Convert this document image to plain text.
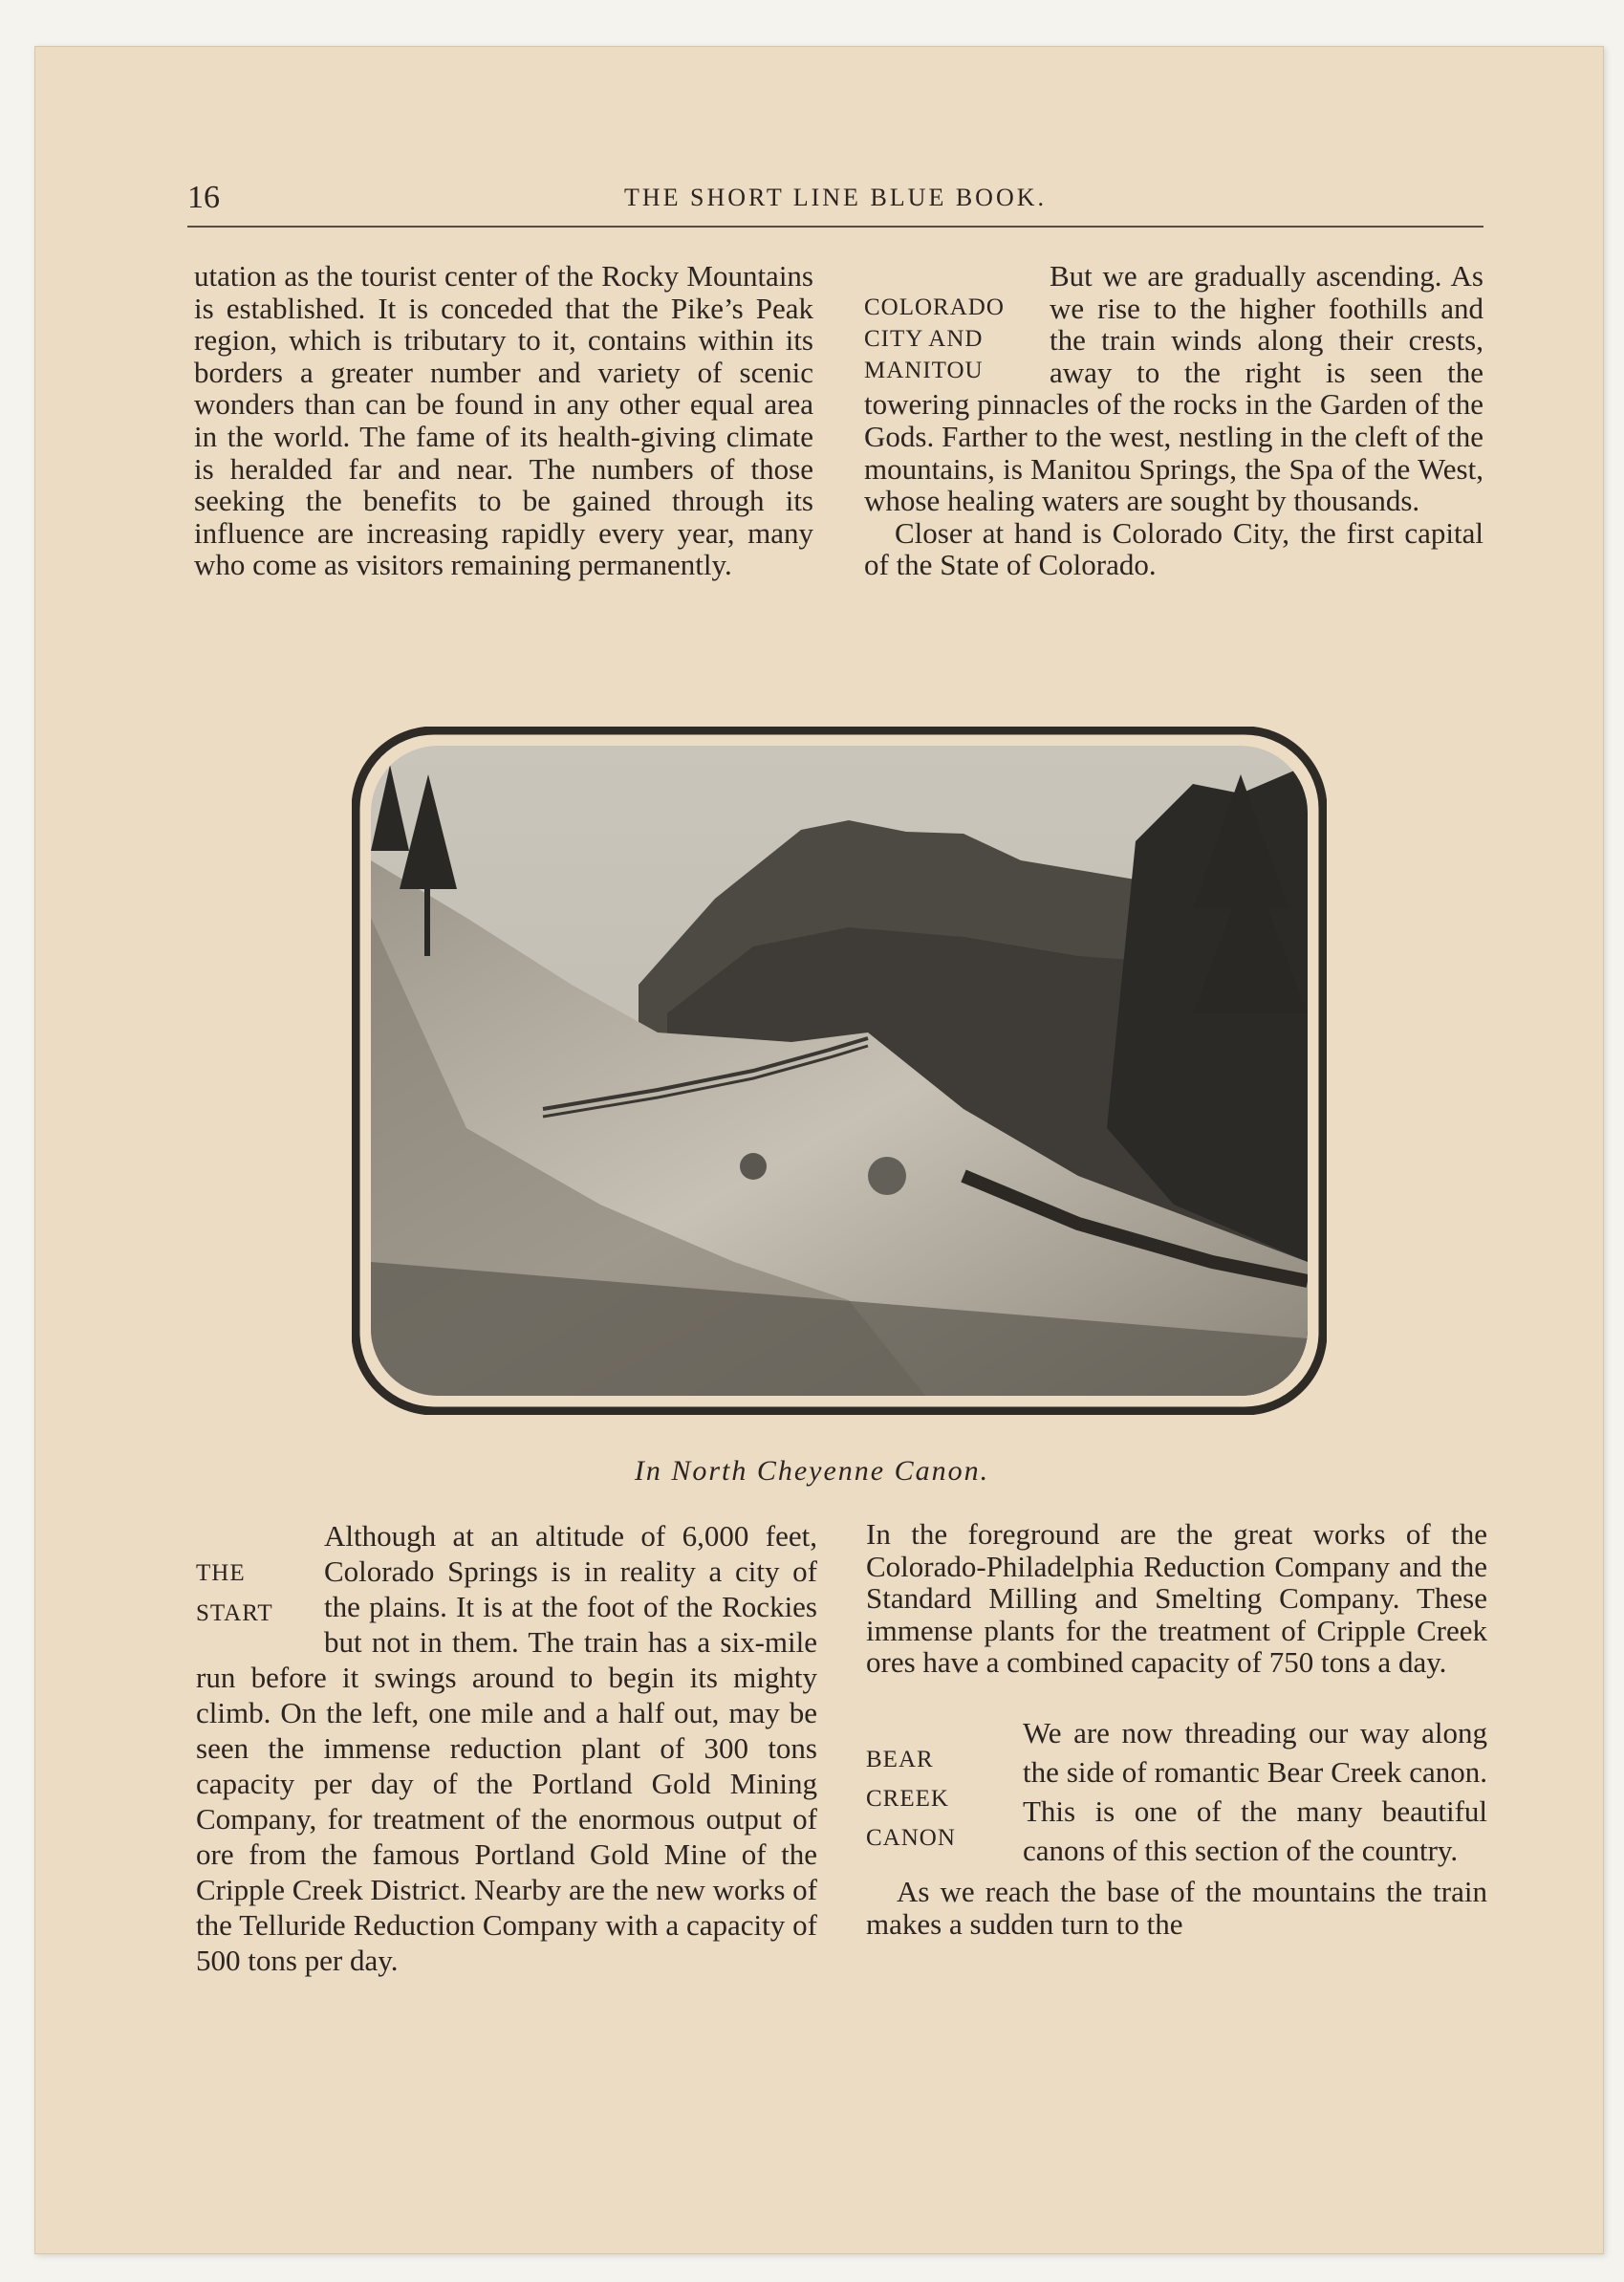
16	THE SHORT LINE BLUE BOOK.

utation as the tourist center of the Rocky Mountains is established. It is conceded that the Pike’s Peak region, which is tributary to it, contains within its borders a greater number and variety of scenic wonders than can be found in any other equal area in the world. The fame of its health-giving climate is heralded far and near. The numbers of those seeking the benefits to be gained through its influence are increasing rapidly every year, many who come as visitors remaining permanently.

COLORADO
CITY AND
MANITOU

But we are gradually ascending. As we rise to the higher foothills and the train winds along their crests, away to the right is seen the towering pinnacles of the rocks in the Garden of the Gods. Farther to the west, nestling in the cleft of the mountains, is Manitou Springs, the Spa of the West, whose healing waters are sought by thousands.

Closer at hand is Colorado City, the first capital of the State of Colorado.

In North Cheyenne Canon.
THE
START

Although at an altitude of 6,000 feet, Colorado Springs is in reality a city of the plains. It is at the foot of the Rockies but not in them. The train has a six-mile run before it swings around to begin its mighty climb. On the left, one mile and a half out, may be seen the immense reduction plant of 300 tons capacity per day of the Portland Gold Mining Company, for treatment of the enormous output of ore from the famous Portland Gold Mine of the Cripple Creek District. Nearby are the new works of the Telluride Reduction Company with a capacity of 500 tons per day.

In the foreground are the great works of the Colorado-Philadelphia Reduction Company and the Standard Milling and Smelting Company. These immense plants for the treatment of Cripple Creek ores have a combined capacity of 750 tons a day.

BEAR
CREEK
CANON

We are now threading our way along the side of romantic Bear Creek canon. This is one of the many beautiful canons of this section of the country.

As we reach the base of the mountains the train makes a sudden turn to the
